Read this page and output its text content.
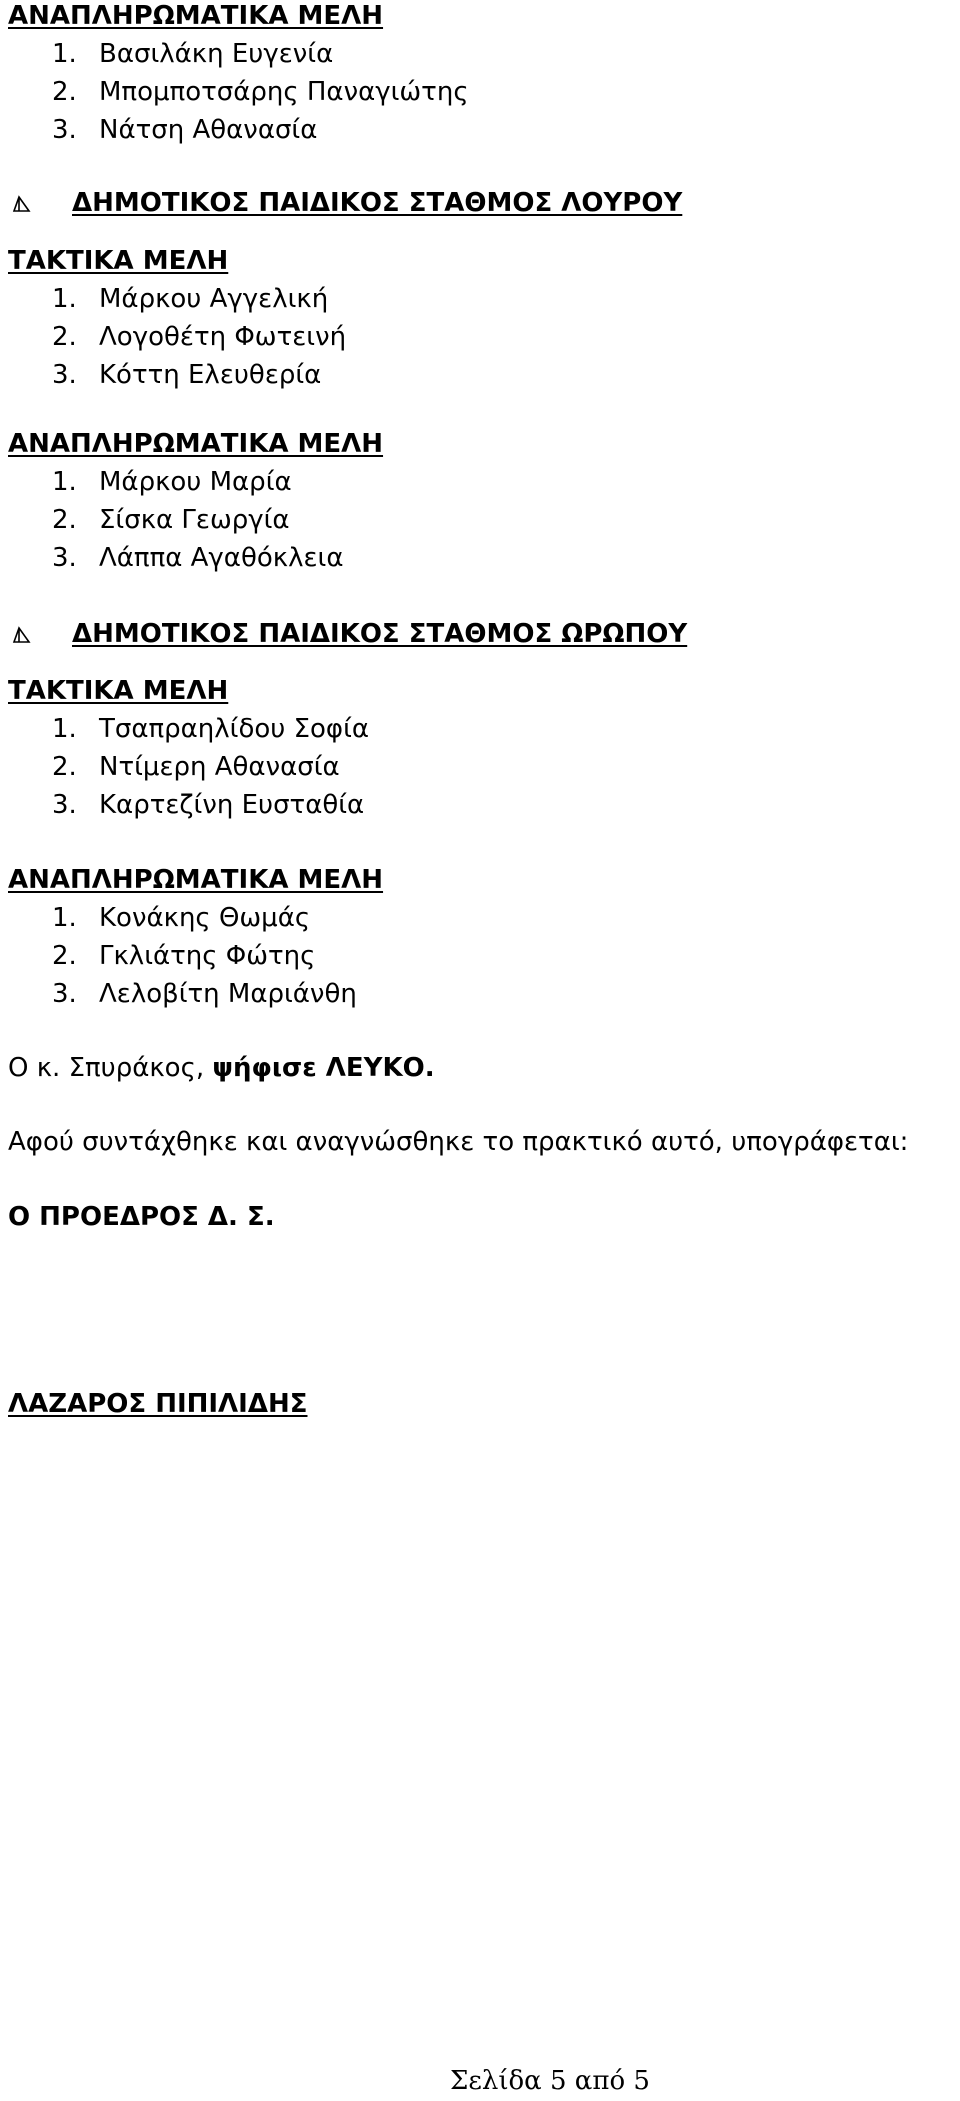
ΑΝΑΠΛΗΡΩΜΑΤΙΚΑ ΜΕΛΗ
1. Βασιλάκη Ευγενία
2. Μπομποτσάρης Παναγιώτης
3. Νάτση Αθανασία
ΔΗΜΟΤΙΚΟΣ ΠΑΙΔΙΚΟΣ ΣΤΑΘΜΟΣ ΛΟΥΡΟΥ
ΤΑΚΤΙΚΑ ΜΕΛΗ
1. Μάρκου Αγγελική
2. Λογοθέτη Φωτεινή
3. Κόττη Ελευθερία
ΑΝΑΠΛΗΡΩΜΑΤΙΚΑ ΜΕΛΗ
1. Μάρκου Μαρία
2. Σίσκα Γεωργία
3. Λάππα Αγαθόκλεια
ΔΗΜΟΤΙΚΟΣ ΠΑΙΔΙΚΟΣ ΣΤΑΘΜΟΣ ΩΡΩΠΟΥ
ΤΑΚΤΙΚΑ ΜΕΛΗ
1. Τσαπραηλίδου Σοφία
2. Ντίμερη Αθανασία
3. Καρτεζίνη Ευσταθία
ΑΝΑΠΛΗΡΩΜΑΤΙΚΑ ΜΕΛΗ
1. Κονάκης Θωμάς
2. Γκλιάτης Φώτης
3. Λελοβίτη Μαριάνθη
Ο κ. Σπυράκος, ψήφισε ΛΕΥΚΟ.
Αφού συντάχθηκε και αναγνώσθηκε το πρακτικό αυτό, υπογράφεται:
Ο ΠΡΟΕΔΡΟΣ Δ. Σ.
ΛΑΖΑΡΟΣ ΠΙΠΙΛΙΔΗΣ
Σελίδα 5 από 5
